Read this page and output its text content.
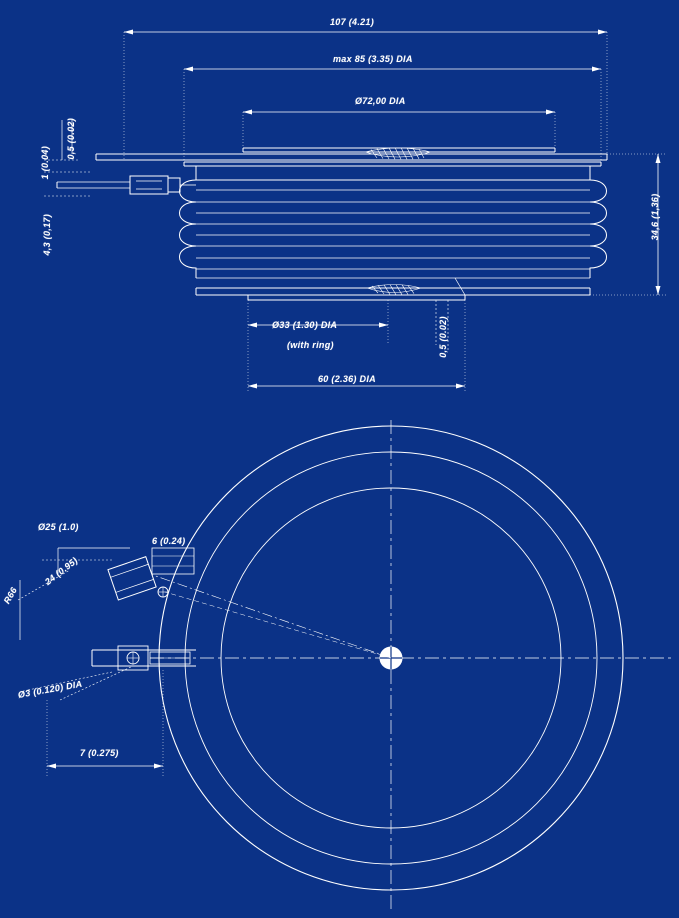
107 (4.21)
max 85 (3.35) DIA
Ø72,00 DIA
34,6 (1,36)
1 (0.04)
0,5 (0.02)
4,3 (0,17)
Ø33 (1.30) DIA
(with ring)	0,5 (0.02)
60 (2.36) DIA
Ø25 (1.0)
6 (0.24)
24 (0.95)
R66
Ø3 (0.120) DIA
7 (0.275)
